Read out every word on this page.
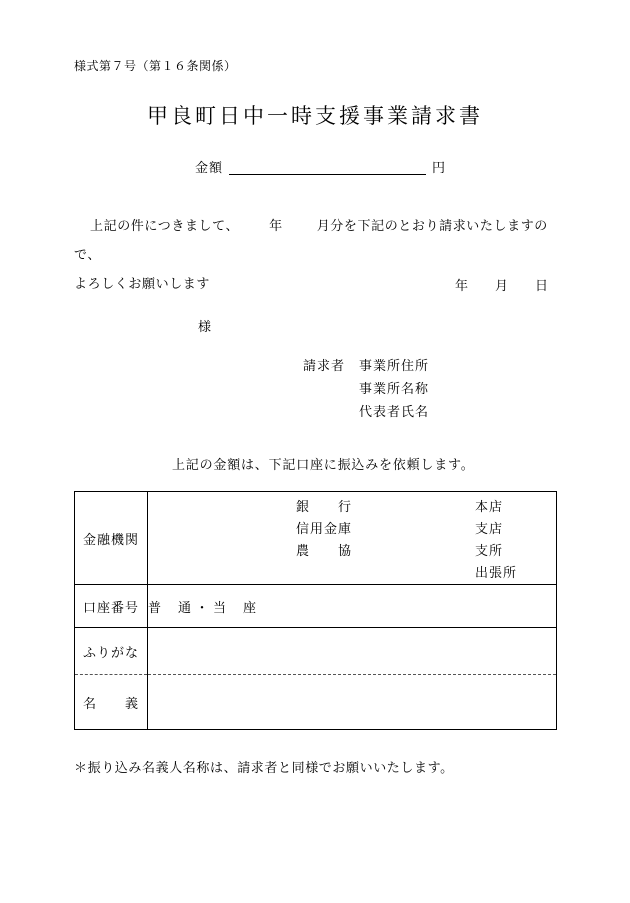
様式第７号（第１６条関係）
甲良町日中一時支援事業請求書
金額	円
上記の件につきまして、 年	月分を下記のとおり請求いたしますので、
よろしくお願いします	年 月 日
様
請求者 事業所住所
事業所名称
代表者氏名
上記の金額は、下記口座に振込みを依頼します。
金融機関	
銀　　行	本店
信用金庫	支店
農　　協	支所
出張所

口座番号	普　通 ・ 当　座
ふりがな	
名　　義	
＊振り込み名義人名称は、請求者と同様でお願いいたします。
